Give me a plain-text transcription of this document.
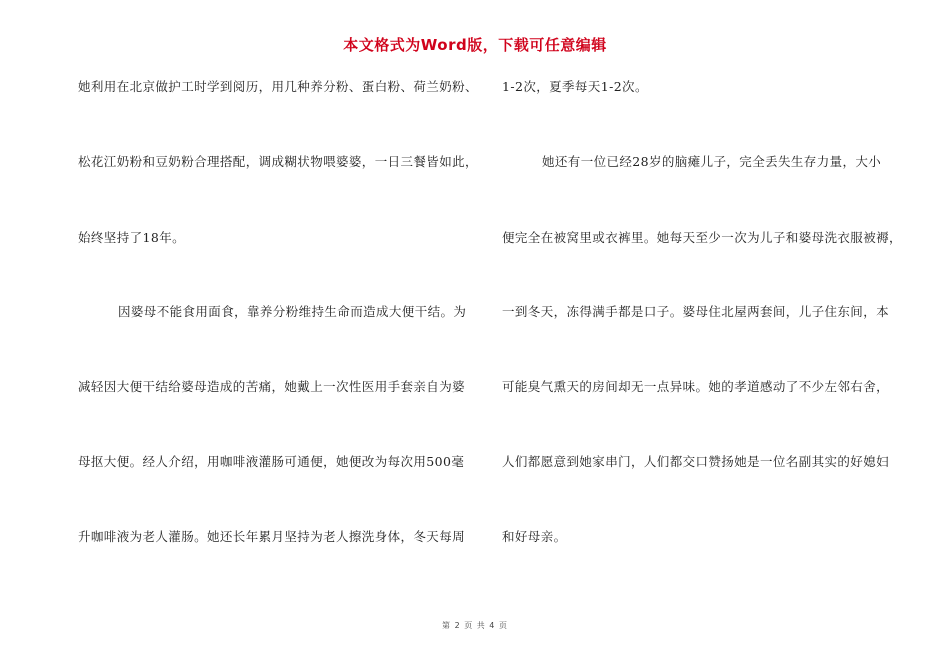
本文格式为Word版，下载可任意编辑
她利用在北京做护工时学到阅历，用几种养分粉、蛋白粉、荷兰奶粉、
松花江奶粉和豆奶粉合理搭配，调成糊状物喂婆婆，一日三餐皆如此，
始终坚持了18年。
因婆母不能食用面食，靠养分粉维持生命而造成大便干结。为
减轻因大便干结给婆母造成的苦痛，她戴上一次性医用手套亲自为婆
母抠大便。经人介绍，用咖啡液灌肠可通便，她便改为每次用500毫
升咖啡液为老人灌肠。她还长年累月坚持为老人擦洗身体，冬天每周
1-2次，夏季每天1-2次。
她还有一位已经28岁的脑瘫儿子，完全丢失生存力量，大小
便完全在被窝里或衣裤里。她每天至少一次为儿子和婆母洗衣服被褥，
一到冬天，冻得满手都是口子。婆母住北屋两套间，儿子住东间，本
可能臭气熏天的房间却无一点异味。她的孝道感动了不少左邻右舍，
人们都愿意到她家串门，人们都交口赞扬她是一位名副其实的好媳妇
和好母亲。
第 2 页 共 4 页
